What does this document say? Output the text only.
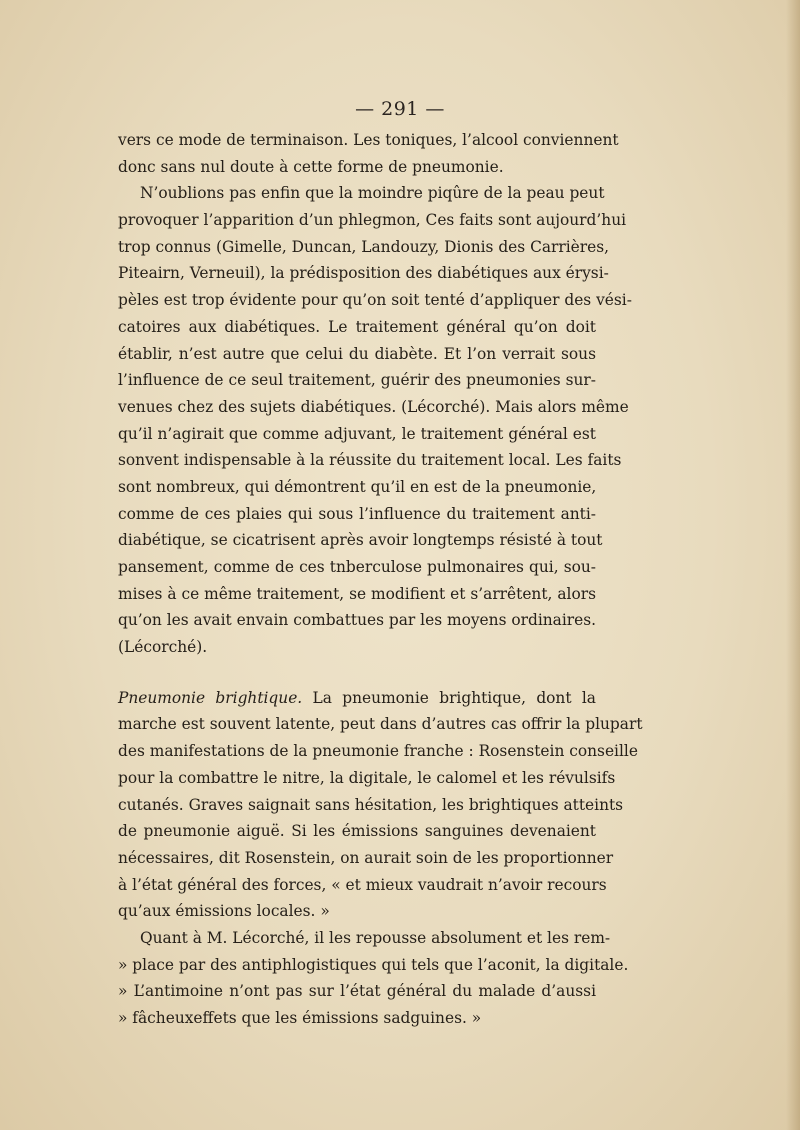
— 291 —
vers ce mode de terminaison. Les toniques, l’alcool conviennent
donc sans nul doute à cette forme de pneumonie.
N’oublions pas enfin que la moindre piqûre de la peau peut
provoquer l’apparition d’un phlegmon, Ces faits sont aujourd’hui
trop connus (Gimelle, Duncan, Landouzy, Dionis des Carrières,
Piteairn, Verneuil), la prédisposition des diabétiques aux érysi-
pèles est trop évidente pour qu’on soit tenté d’appliquer des vési-
catoires aux diabétiques. Le traitement général qu’on doit
établir, n’est autre que celui du diabète. Et l’on verrait sous
l’influence de ce seul traitement, guérir des pneumonies sur-
venues chez des sujets diabétiques. (Lécorché). Mais alors même
qu’il n’agirait que comme adjuvant, le traitement général est
sonvent indispensable à la réussite du traitement local. Les faits
sont nombreux, qui démontrent qu’il en est de la pneumonie,
comme de ces plaies qui sous l’influence du traitement anti-
diabétique, se cicatrisent après avoir longtemps résisté à tout
pansement, comme de ces tnberculose pulmonaires qui, sou-
mises à ce même traitement, se modifient et s’arrêtent, alors
qu’on les avait envain combattues par les moyens ordinaires.
(Lécorché).
Pneumonie brightique. La pneumonie brightique, dont la
marche est souvent latente, peut dans d’autres cas offrir la plupart
des manifestations de la pneumonie franche : Rosenstein conseille
pour la combattre le nitre, la digitale, le calomel et les révulsifs
cutanés. Graves saignait sans hésitation, les brightiques atteints
de pneumonie aiguë. Si les émissions sanguines devenaient
nécessaires, dit Rosenstein, on aurait soin de les proportionner
à l’état général des forces, « et mieux vaudrait n’avoir recours
qu’aux émissions locales. »
Quant à M. Lécorché, il les repousse absolument et les rem-
» place par des antiphlogistiques qui tels que l’aconit, la digitale.
» L’antimoine n’ont pas sur l’état général du malade d’aussi
» fâcheuxeffets que les émissions sadguines. »
